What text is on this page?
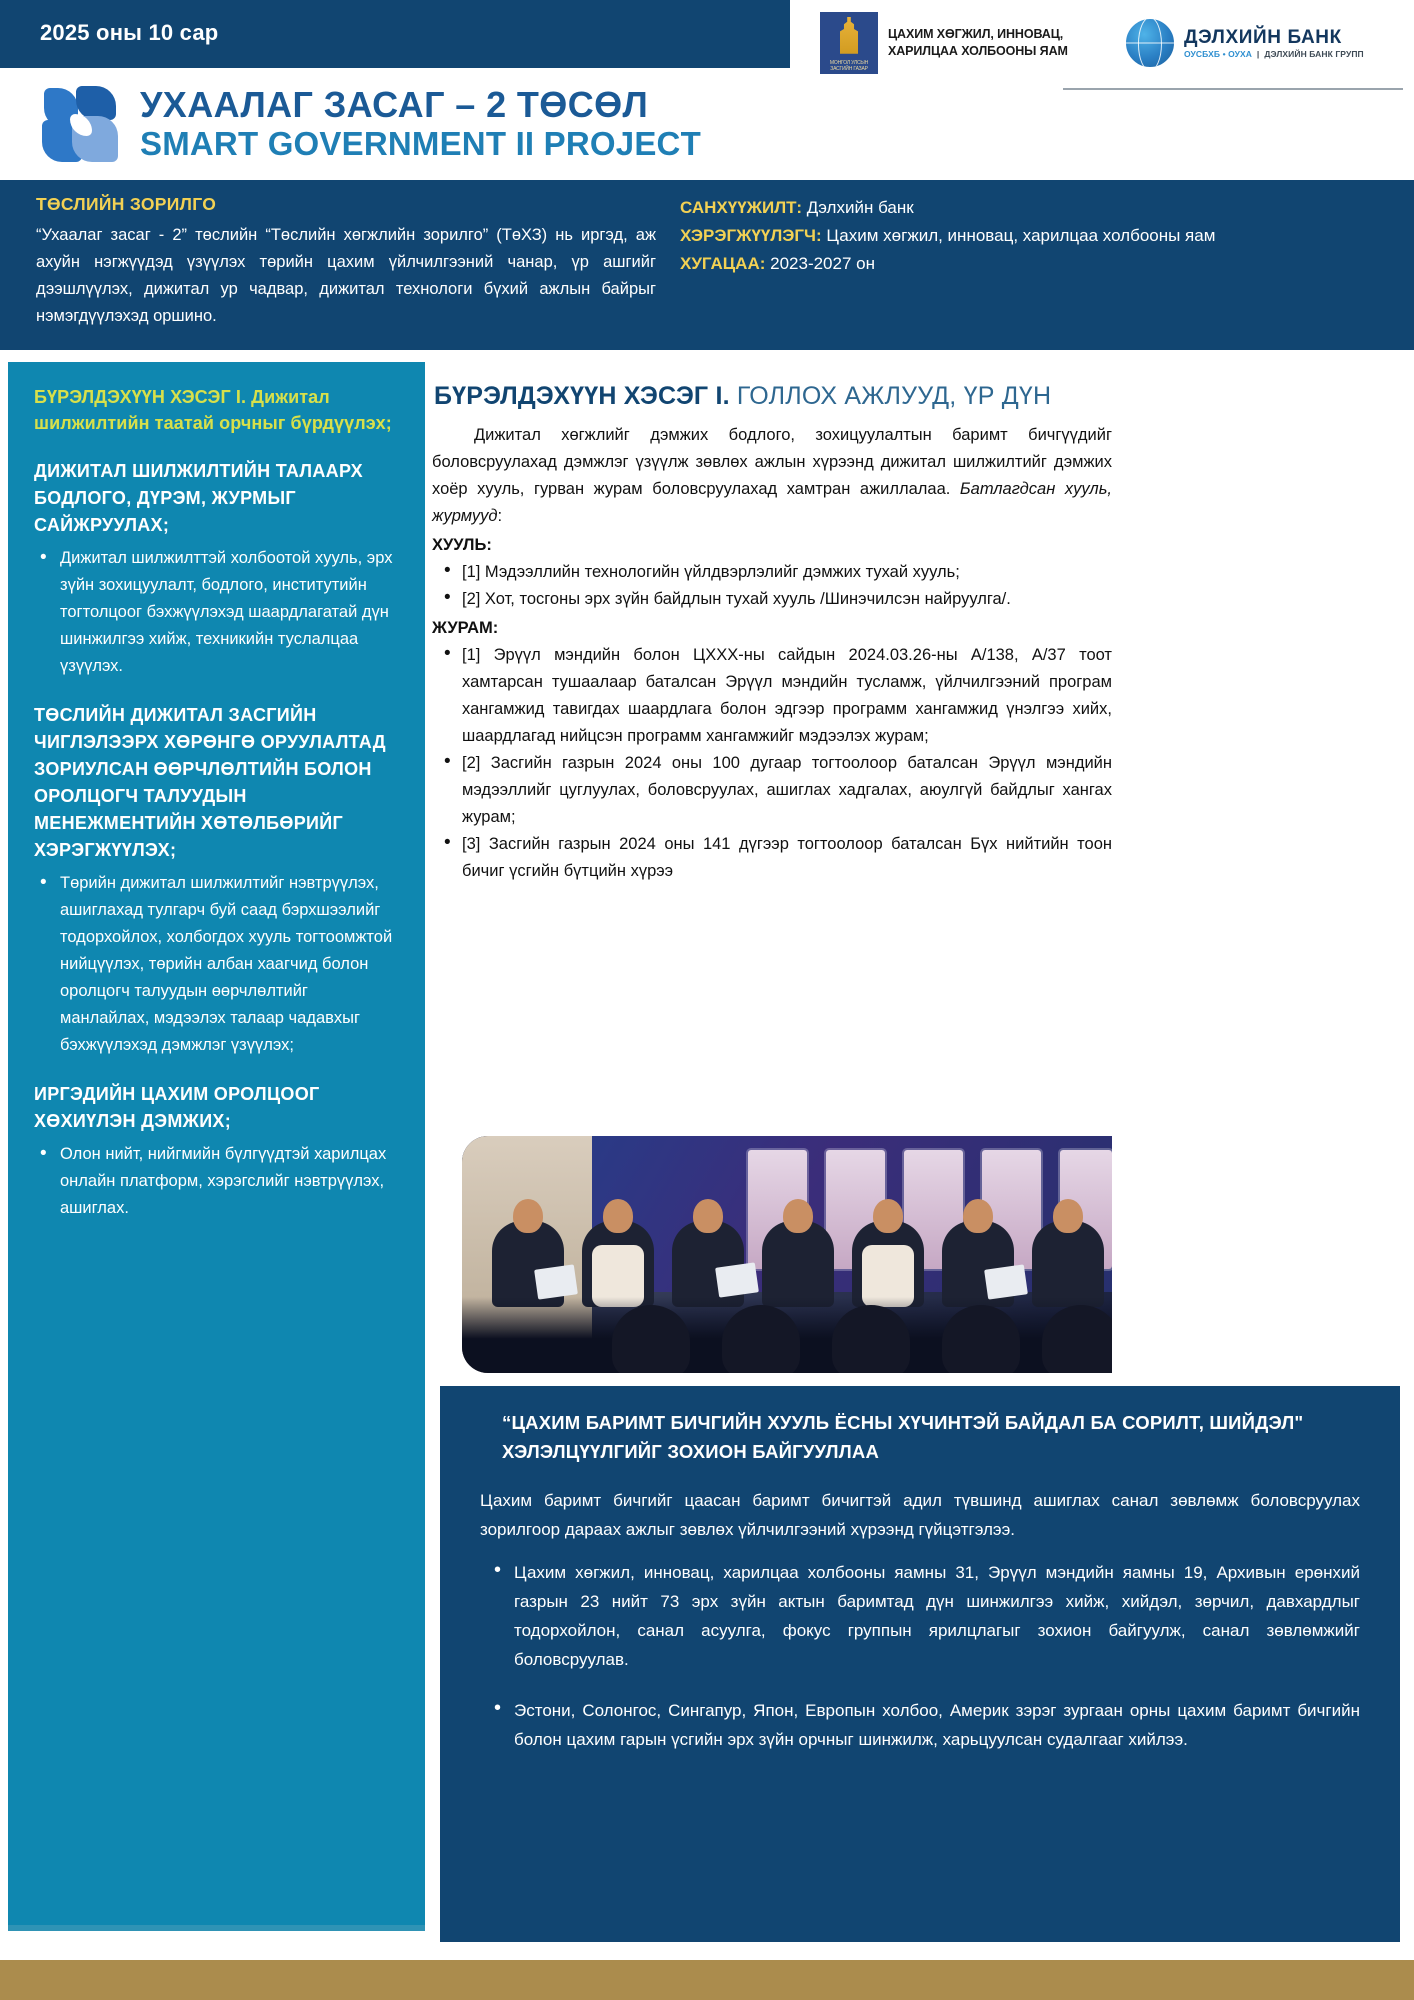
2025 оны 10 сар
МОНГОЛ УЛСЫН ЗАСГИЙН ГАЗАР
ЦАХИМ ХӨГЖИЛ, ИННОВАЦ, ХАРИЛЦАА ХОЛБООНЫ ЯАМ
ДЭЛХИЙН БАНК
ОУСБХБ • ОУХА  |  ДЭЛХИЙН БАНК ГРУПП
УХААЛАГ ЗАСАГ – 2 ТӨСӨЛ
SMART GOVERNMENT II PROJECT
ТӨСЛИЙН ЗОРИЛГО
“Ухаалаг засаг - 2” төслийн “Төслийн хөгжлийн зорилго” (ТөХЗ) нь иргэд, аж ахуйн нэгжүүдэд үзүүлэх төрийн цахим үйлчилгээний чанар, үр ашгийг дээшлүүлэх, дижитал ур чадвар, дижитал технологи бүхий ажлын байрыг нэмэгдүүлэхэд оршино.
САНХҮҮЖИЛТ: Дэлхийн банк
ХЭРЭГЖҮҮЛЭГЧ: Цахим хөгжил, инновац, харилцаа холбооны яам
ХУГАЦАА: 2023-2027 он
БҮРЭЛДЭХҮҮН ХЭСЭГ I. Дижитал шилжилтийн таатай орчныг бүрдүүлэх;
ДИЖИТАЛ ШИЛЖИЛТИЙН ТАЛААРХ БОДЛОГО, ДҮРЭМ, ЖУРМЫГ САЙЖРУУЛАХ;
• Дижитал шилжилттэй холбоотой хууль, эрх зүйн зохицуулалт, бодлого, институтийн тогтолцоог бэхжүүлэхэд шаардлагатай дүн шинжилгээ хийж, техникийн туслалцаа үзүүлэх.
ТӨСЛИЙН ДИЖИТАЛ ЗАСГИЙН ЧИГЛЭЛЭЭРХ ХӨРӨНГӨ ОРУУЛАЛТАД ЗОРИУЛСАН ӨӨРЧЛӨЛТИЙН БОЛОН ОРОЛЦОГЧ ТАЛУУДЫН МЕНЕЖМЕНТИЙН ХӨТӨЛБӨРИЙГ ХЭРЭГЖҮҮЛЭХ;
• Төрийн дижитал шилжилтийг нэвтрүүлэх, ашиглахад тулгарч буй саад бэрхшээлийг тодорхойлох, холбогдох хууль тогтоомжтой нийцүүлэх, төрийн албан хаагчид болон оролцогч талуудын өөрчлөлтийг манлайлах, мэдээлэх талаар чадавхыг бэхжүүлэхэд дэмжлэг үзүүлэх;
ИРГЭДИЙН ЦАХИМ ОРОЛЦООГ ХӨХИҮЛЭН ДЭМЖИХ;
• Олон нийт, нийгмийн бүлгүүдтэй харилцах онлайн платформ, хэрэгслийг нэвтрүүлэх, ашиглах.
БҮРЭЛДЭХҮҮН ХЭСЭГ I. ГОЛЛОХ АЖЛУУД, ҮР ДҮН

Дижитал хөгжлийг дэмжих бодлого, зохицуулалтын баримт бичгүүдийг боловсруулахад дэмжлэг үзүүлж зөвлөх ажлын хүрээнд дижитал шилжилтийг дэмжих хоёр хууль, гурван журам боловсруулахад хамтран ажиллалаа. Батлагдсан хууль, журмууд:

ХУУЛЬ:
• [1] Мэдээллийн технологийн үйлдвэрлэлийг дэмжих тухай хууль;
• [2] Хот, тосгоны эрх зүйн байдлын тухай хууль /Шинэчилсэн найруулга/.
ЖУРАМ:
• [1] Эрүүл мэндийн болон ЦХХХ-ны сайдын 2024.03.26-ны А/138, А/37 тоот хамтарсан тушаалаар баталсан Эрүүл мэндийн тусламж, үйлчилгээний програм хангамжид тавигдах шаардлага болон эдгээр программ хангамжид үнэлгээ хийх, шаардлагад нийцсэн программ хангамжийг мэдээлэх журам;
• [2] Засгийн газрын 2024 оны 100 дугаар тогтоолоор баталсан Эрүүл мэндийн мэдээллийг цуглуулах, боловсруулах, ашиглах хадгалах, аюулгүй байдлыг хангах журам;
• [3] Засгийн газрын 2024 оны 141 дүгээр тогтоолоор баталсан Бүх нийтийн тоон бичиг үсгийн бүтцийн хүрээ
“ЦАХИМ БАРИМТ БИЧГИЙН ХУУЛЬ ЁСНЫ ХҮЧИНТЭЙ БАЙДАЛ БА СОРИЛТ, ШИЙДЭЛ" ХЭЛЭЛЦҮҮЛГИЙГ ЗОХИОН БАЙГУУЛЛАА
Цахим баримт бичгийг цаасан баримт бичигтэй адил түвшинд ашиглах санал зөвлөмж боловсруулах зорилгоор дараах ажлыг зөвлөх үйлчилгээний хүрээнд гүйцэтгэлээ.
• Цахим хөгжил, инновац, харилцаа холбооны яамны 31, Эрүүл мэндийн яамны 19, Архивын ерөнхий газрын 23 нийт 73 эрх зүйн актын баримтад дүн шинжилгээ хийж, хийдэл, зөрчил, давхардлыг тодорхойлон, санал асуулга, фокус группын ярилцлагыг зохион байгуулж, санал зөвлөмжийг боловсруулав.
• Эстони, Солонгос, Сингапур, Япон, Европын холбоо, Америк зэрэг зургаан орны цахим баримт бичгийн болон цахим гарын үсгийн эрх зүйн орчныг шинжилж, харьцуулсан судалгааг хийлээ.
